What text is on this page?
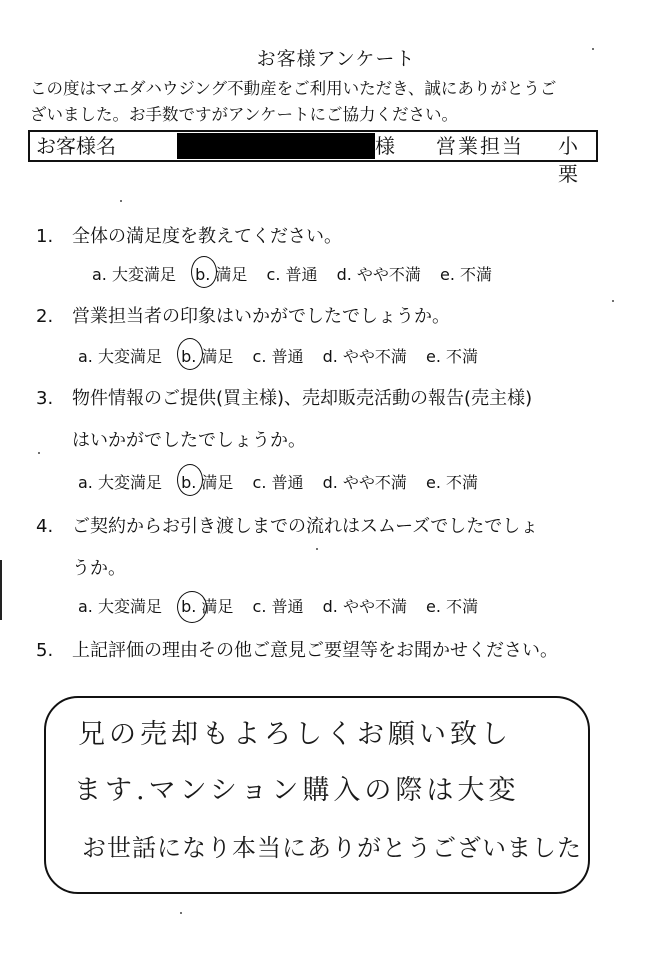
お客様アンケート
この度はマエダハウジング不動産をご利用いただき、誠にありがとうご
ざいました。お手数ですがアンケートにご協力ください。
お客様名	様 営業担当 小栗
1. 全体の満足度を教えてください。
a. 大変満足 b. 満足 c. 普通 d. やや不満 e. 不満
2. 営業担当者の印象はいかがでしたでしょうか。
a. 大変満足 b. 満足 c. 普通 d. やや不満 e. 不満
3. 物件情報のご提供(買主様)、売却販売活動の報告(売主様)
はいかがでしたでしょうか。
a. 大変満足 b. 満足 c. 普通 d. やや不満 e. 不満
4. ご契約からお引き渡しまでの流れはスムーズでしたでしょ
うか。
a. 大変満足 b. 満足 c. 普通 d. やや不満 e. 不満
5. 上記評価の理由その他ご意見ご要望等をお聞かせください。
兄の売却もよろしくお願い致し
ます.マンション購入の際は大変
お世話になり本当にありがとうございました
